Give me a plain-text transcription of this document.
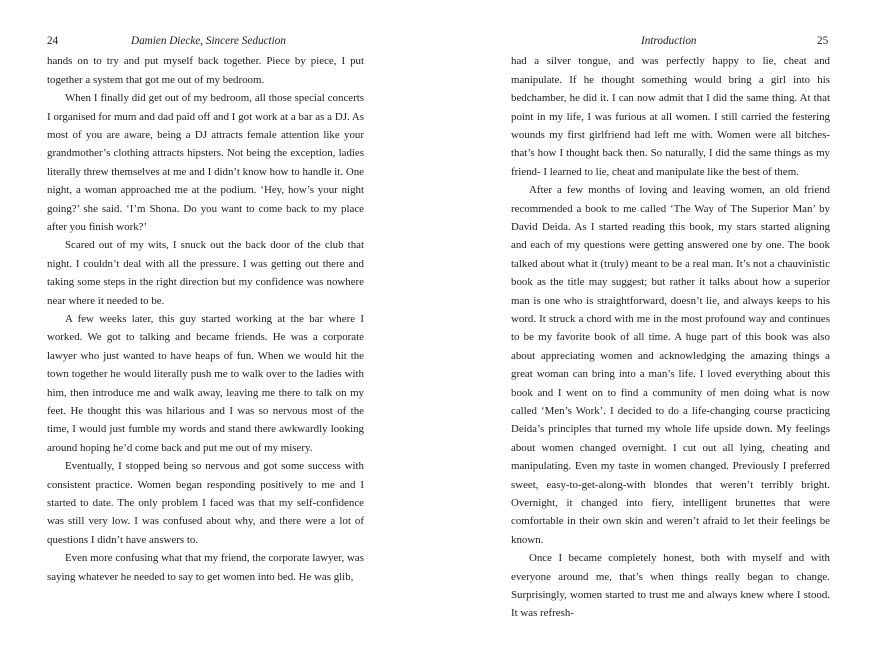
24	Damien Diecke, Sincere Seduction

hands on to try and put myself back together. Piece by piece, I put together a system that got me out of my bedroom.

When I finally did get out of my bedroom, all those special concerts I organised for mum and dad paid off and I got work at a bar as a DJ. As most of you are aware, being a DJ attracts female attention like your grandmother’s clothing attracts hipsters. Not being the exception, ladies literally threw themselves at me and I didn’t know how to handle it. One night, a woman approached me at the podium. ‘Hey, how’s your night going?’ she said. ‘I’m Shona. Do you want to come back to my place after you finish work?’

Scared out of my wits, I snuck out the back door of the club that night. I couldn’t deal with all the pressure. I was getting out there and taking some steps in the right direction but my confidence was nowhere near where it needed to be.

A few weeks later, this guy started working at the bar where I worked. We got to talking and became friends. He was a corporate lawyer who just wanted to have heaps of fun. When we would hit the town together he would literally push me to walk over to the ladies with him, then introduce me and walk away, leaving me there to talk on my feet. He thought this was hilarious and I was so nervous most of the time, I would just fumble my words and stand there awkwardly looking around hoping he’d come back and put me out of my misery.

Eventually, I stopped being so nervous and got some success with consistent practice. Women began responding positively to me and I started to date. The only problem I faced was that my self-confidence was still very low. I was confused about why, and there were a lot of questions I didn’t have answers to.

Even more confusing what that my friend, the corporate lawyer, was saying whatever he needed to say to get women into bed. He was glib,

Introduction	25

had a silver tongue, and was perfectly happy to lie, cheat and manipulate. If he thought something would bring a girl into his bedchamber, he did it. I can now admit that I did the same thing. At that point in my life, I was furious at all women. I still carried the festering wounds my first girlfriend had left me with. Women were all bitches- that’s how I thought back then. So naturally, I did the same things as my friend- I learned to lie, cheat and manipulate like the best of them.

After a few months of loving and leaving women, an old friend recommended a book to me called ‘The Way of The Superior Man’ by David Deida. As I started reading this book, my stars started aligning and each of my questions were getting answered one by one. The book talked about what it (truly) meant to be a real man. It’s not a chauvinistic book as the title may suggest; but rather it talks about how a superior man is one who is straightforward, doesn’t lie, and always keeps to his word. It struck a chord with me in the most profound way and continues to be my favorite book of all time. A huge part of this book was also about appreciating women and acknowledging the amazing things a great woman can bring into a man’s life. I loved everything about this book and I went on to find a community of men doing what is now called ‘Men’s Work’. I decided to do a life-changing course practicing Deida’s principles that turned my whole life upside down. My feelings about women changed overnight. I cut out all lying, cheating and manipulating. Even my taste in women changed. Previously I preferred sweet, easy-to-get-along-with blondes that weren’t terribly bright. Overnight, it changed into fiery, intelligent brunettes that were comfortable in their own skin and weren’t afraid to let their feelings be known.

Once I became completely honest, both with myself and with everyone around me, that’s when things really began to change. Surprisingly, women started to trust me and always knew where I stood. It was refresh-
